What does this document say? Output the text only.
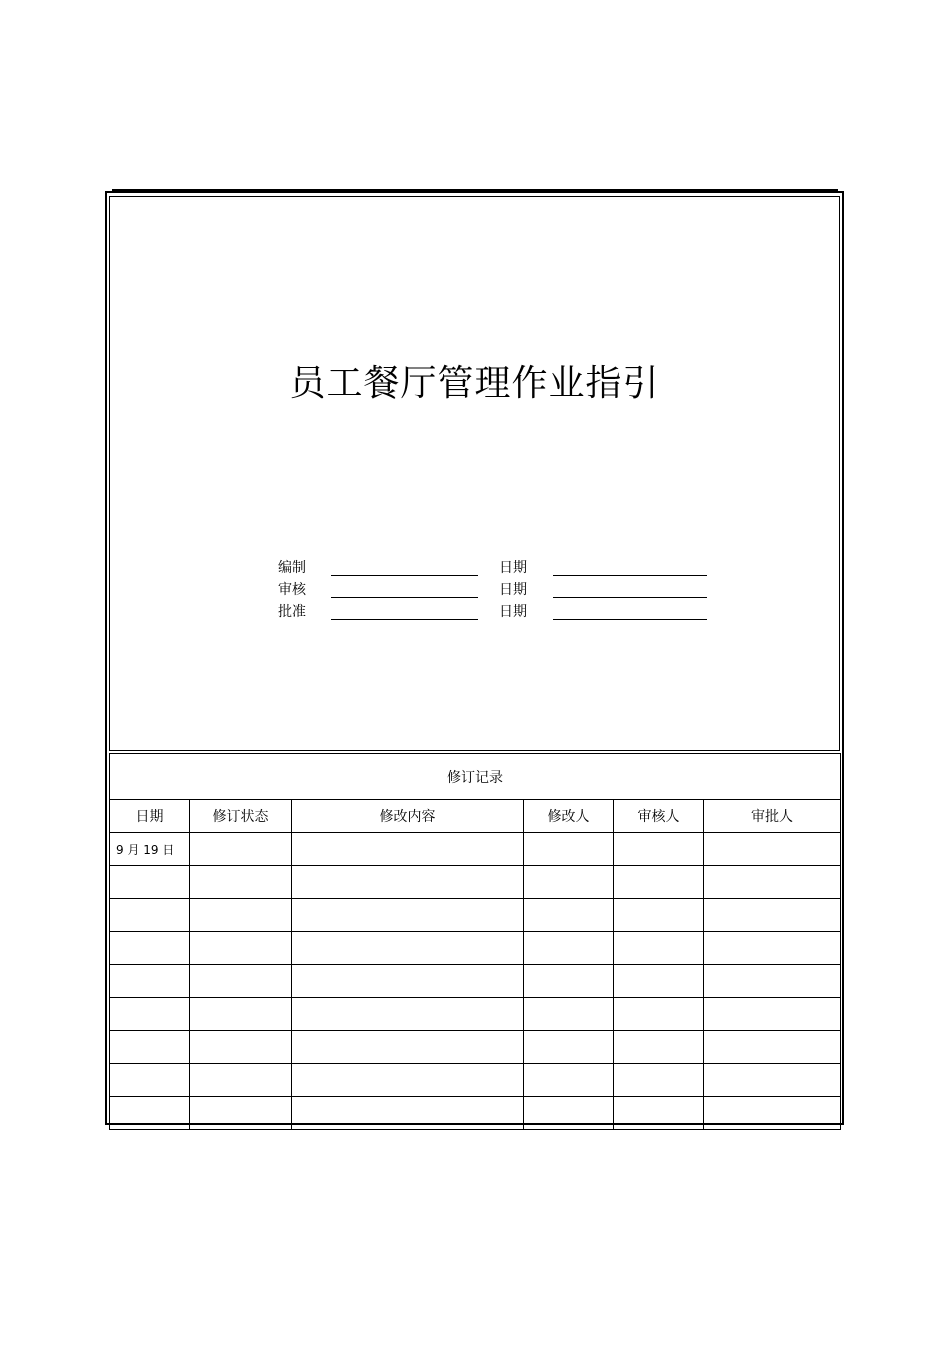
员工餐厅管理作业指引
编制	日期
审核	日期
批准	日期
修订记录					
日期	修订状态	修改内容	修改人	审核人	审批人
9 月 19 日					
